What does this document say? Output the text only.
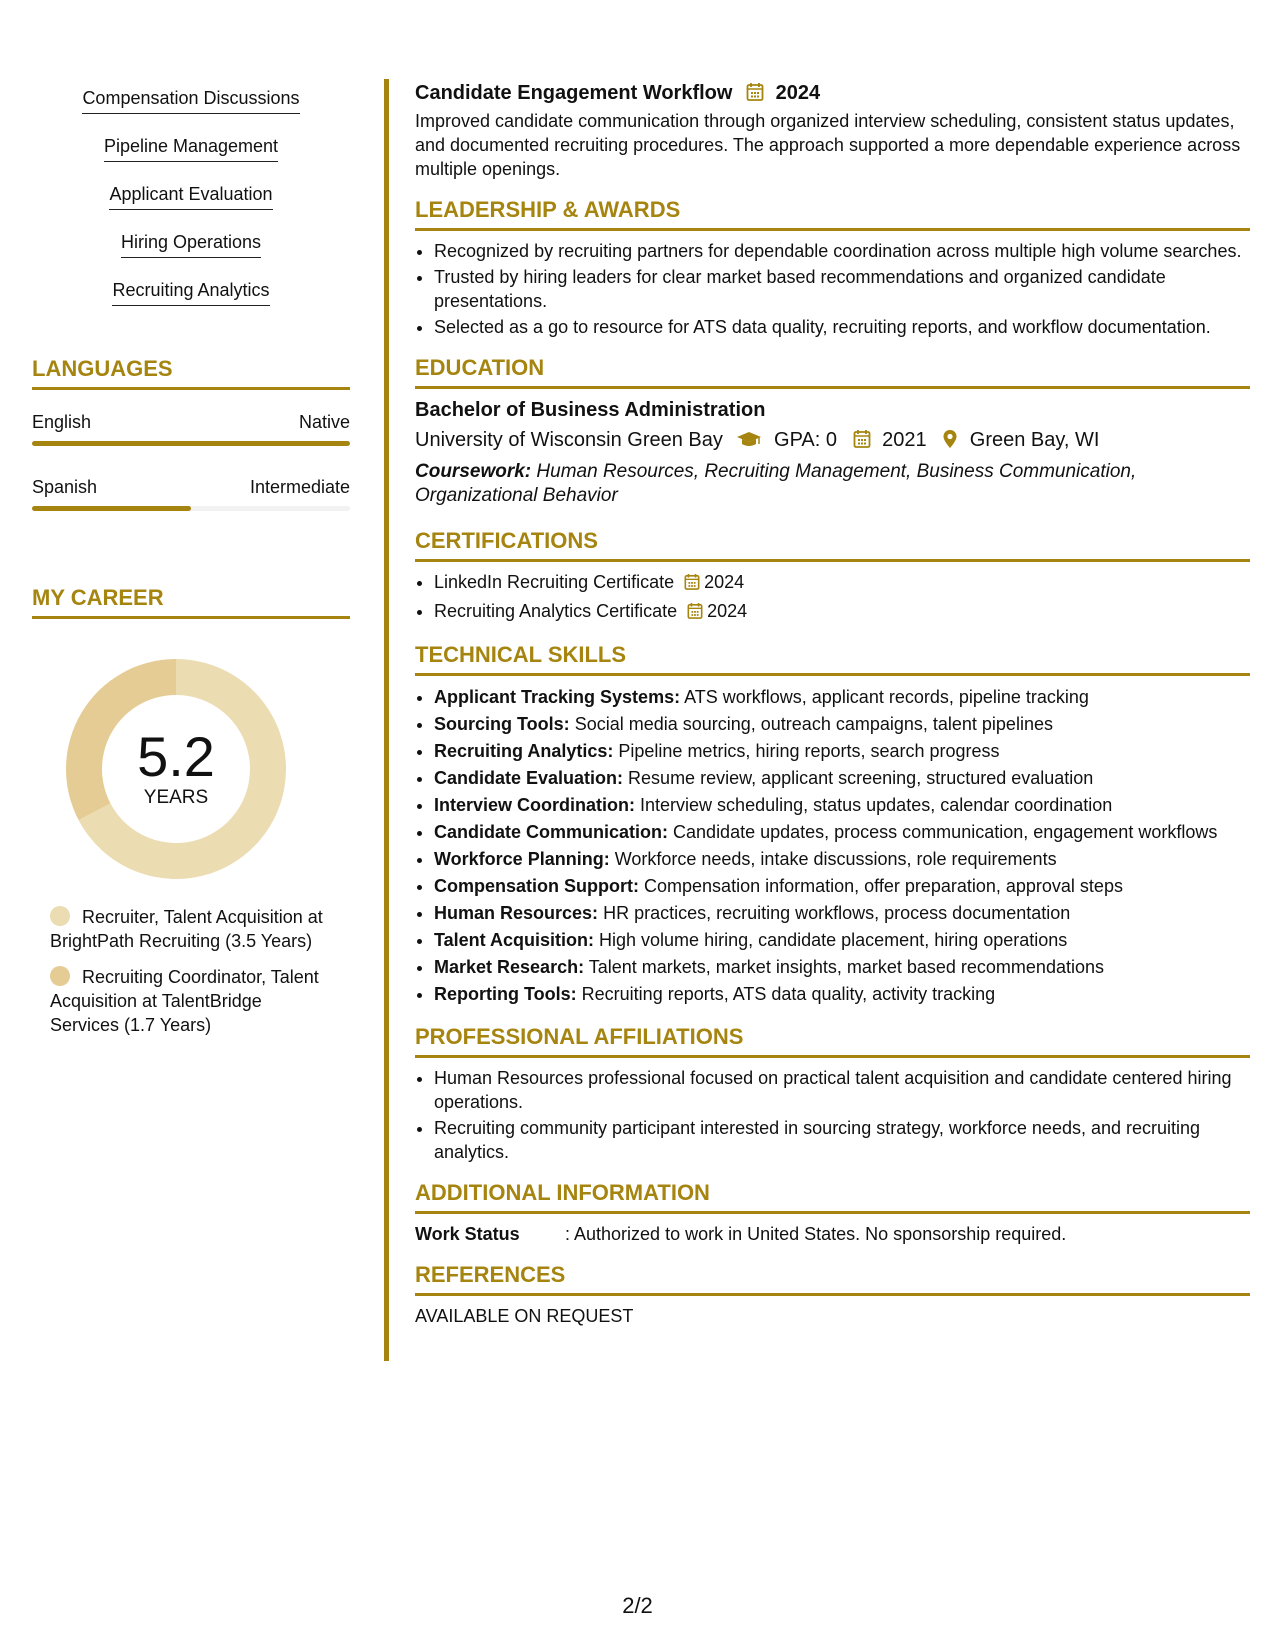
Compensation Discussions
Pipeline Management
Applicant Evaluation
Hiring Operations
Recruiting Analytics
LANGUAGES
English	Native
Spanish	Intermediate
MY CAREER
5.2
YEARS
Recruiter, Talent Acquisition at BrightPath Recruiting (3.5 Years)
Recruiting Coordinator, Talent Acquisition at TalentBridge Services (1.7 Years)
Candidate Engagement Workflow 2024

Improved candidate communication through organized interview scheduling, consistent status updates, and documented recruiting procedures. The approach supported a more dependable experience across multiple openings.

LEADERSHIP & AWARDS
• Recognized by recruiting partners for dependable coordination across multiple high volume searches.
• Trusted by hiring leaders for clear market based recommendations and organized candidate presentations.
• Selected as a go to resource for ATS data quality, recruiting reports, and workflow documentation.
EDUCATION
Bachelor of Business Administration
University of Wisconsin Green Bay	GPA: 0 2021 Green Bay, WI
Coursework: Human Resources, Recruiting Management, Business Communication, Organizational Behavior
CERTIFICATIONS
• LinkedIn Recruiting Certificate 2024
• Recruiting Analytics Certificate 2024
TECHNICAL SKILLS
• Applicant Tracking Systems: ATS workflows, applicant records, pipeline tracking
• Sourcing Tools: Social media sourcing, outreach campaigns, talent pipelines
• Recruiting Analytics: Pipeline metrics, hiring reports, search progress
• Candidate Evaluation: Resume review, applicant screening, structured evaluation
• Interview Coordination: Interview scheduling, status updates, calendar coordination
• Candidate Communication: Candidate updates, process communication, engagement workflows
• Workforce Planning: Workforce needs, intake discussions, role requirements
• Compensation Support: Compensation information, offer preparation, approval steps
• Human Resources: HR practices, recruiting workflows, process documentation
• Talent Acquisition: High volume hiring, candidate placement, hiring operations
• Market Research: Talent markets, market insights, market based recommendations
• Reporting Tools: Recruiting reports, ATS data quality, activity tracking
PROFESSIONAL AFFILIATIONS
• Human Resources professional focused on practical talent acquisition and candidate centered hiring operations.
• Recruiting community participant interested in sourcing strategy, workforce needs, and recruiting analytics.
ADDITIONAL INFORMATION
Work Status	: Authorized to work in United States. No sponsorship required.
REFERENCES
AVAILABLE ON REQUEST
2/2
